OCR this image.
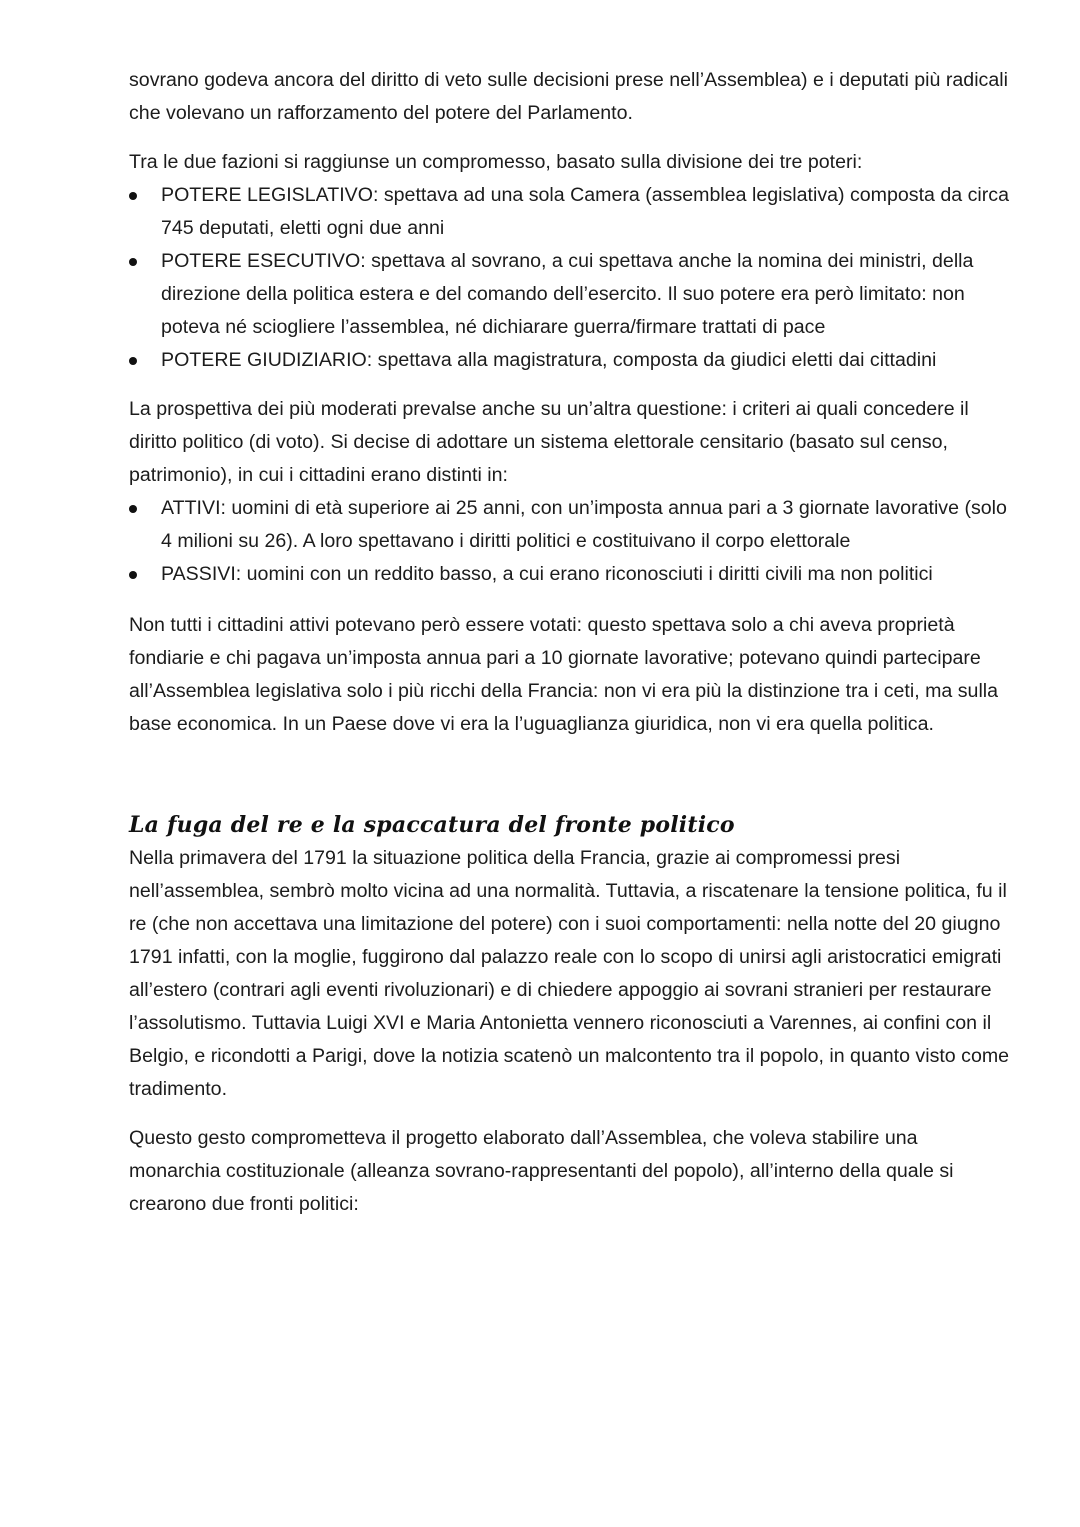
sovrano godeva ancora del diritto di veto sulle decisioni prese nell’Assemblea) e i deputati più radicali che volevano un rafforzamento del potere del Parlamento.

Tra le due fazioni si raggiunse un compromesso, basato sulla divisione dei tre poteri:

POTERE LEGISLATIVO: spettava ad una sola Camera (assemblea legislativa) composta da circa 745 deputati, eletti ogni due anni
POTERE ESECUTIVO: spettava al sovrano, a cui spettava anche la nomina dei ministri, della direzione della politica estera e del comando dell’esercito. Il suo potere era però limitato: non poteva né sciogliere l’assemblea, né dichiarare guerra/firmare trattati di pace
POTERE GIUDIZIARIO: spettava alla magistratura, composta da giudici eletti dai cittadini

La prospettiva dei più moderati prevalse anche su un’altra questione: i criteri ai quali concedere il diritto politico (di voto). Si decise di adottare un sistema elettorale censitario (basato sul censo, patrimonio), in cui i cittadini erano distinti in:

ATTIVI: uomini di età superiore ai 25 anni, con un’imposta annua pari a 3 giornate lavorative (solo 4 milioni su 26). A loro spettavano i diritti politici e costituivano il corpo elettorale
PASSIVI: uomini con un reddito basso, a cui erano riconosciuti i diritti civili ma non politici

Non tutti i cittadini attivi potevano però essere votati: questo spettava solo a chi aveva proprietà fondiarie e chi pagava un’imposta annua pari a 10 giornate lavorative; potevano quindi partecipare all’Assemblea legislativa solo i più ricchi della Francia: non vi era più la distinzione tra i ceti, ma sulla base economica. In un Paese dove vi era la l’uguaglianza giuridica, non vi era quella politica.

La fuga del re e la spaccatura del fronte politico

Nella primavera del 1791 la situazione politica della Francia, grazie ai compromessi presi nell’assemblea, sembrò molto vicina ad una normalità. Tuttavia, a riscatenare la tensione politica, fu il re (che non accettava una limitazione del potere) con i suoi comportamenti: nella notte del 20 giugno 1791 infatti, con la moglie, fuggirono dal palazzo reale con lo scopo di unirsi agli aristocratici emigrati all’estero (contrari agli eventi rivoluzionari) e di chiedere appoggio ai sovrani stranieri per restaurare l’assolutismo. Tuttavia Luigi XVI e Maria Antonietta vennero riconosciuti a Varennes, ai confini con il Belgio, e ricondotti a Parigi, dove la notizia scatenò un malcontento tra il popolo, in quanto visto come tradimento.

Questo gesto comprometteva il progetto elaborato dall’Assemblea, che voleva stabilire una monarchia costituzionale (alleanza sovrano-rappresentanti del popolo), all’interno della quale si crearono due fronti politici:
